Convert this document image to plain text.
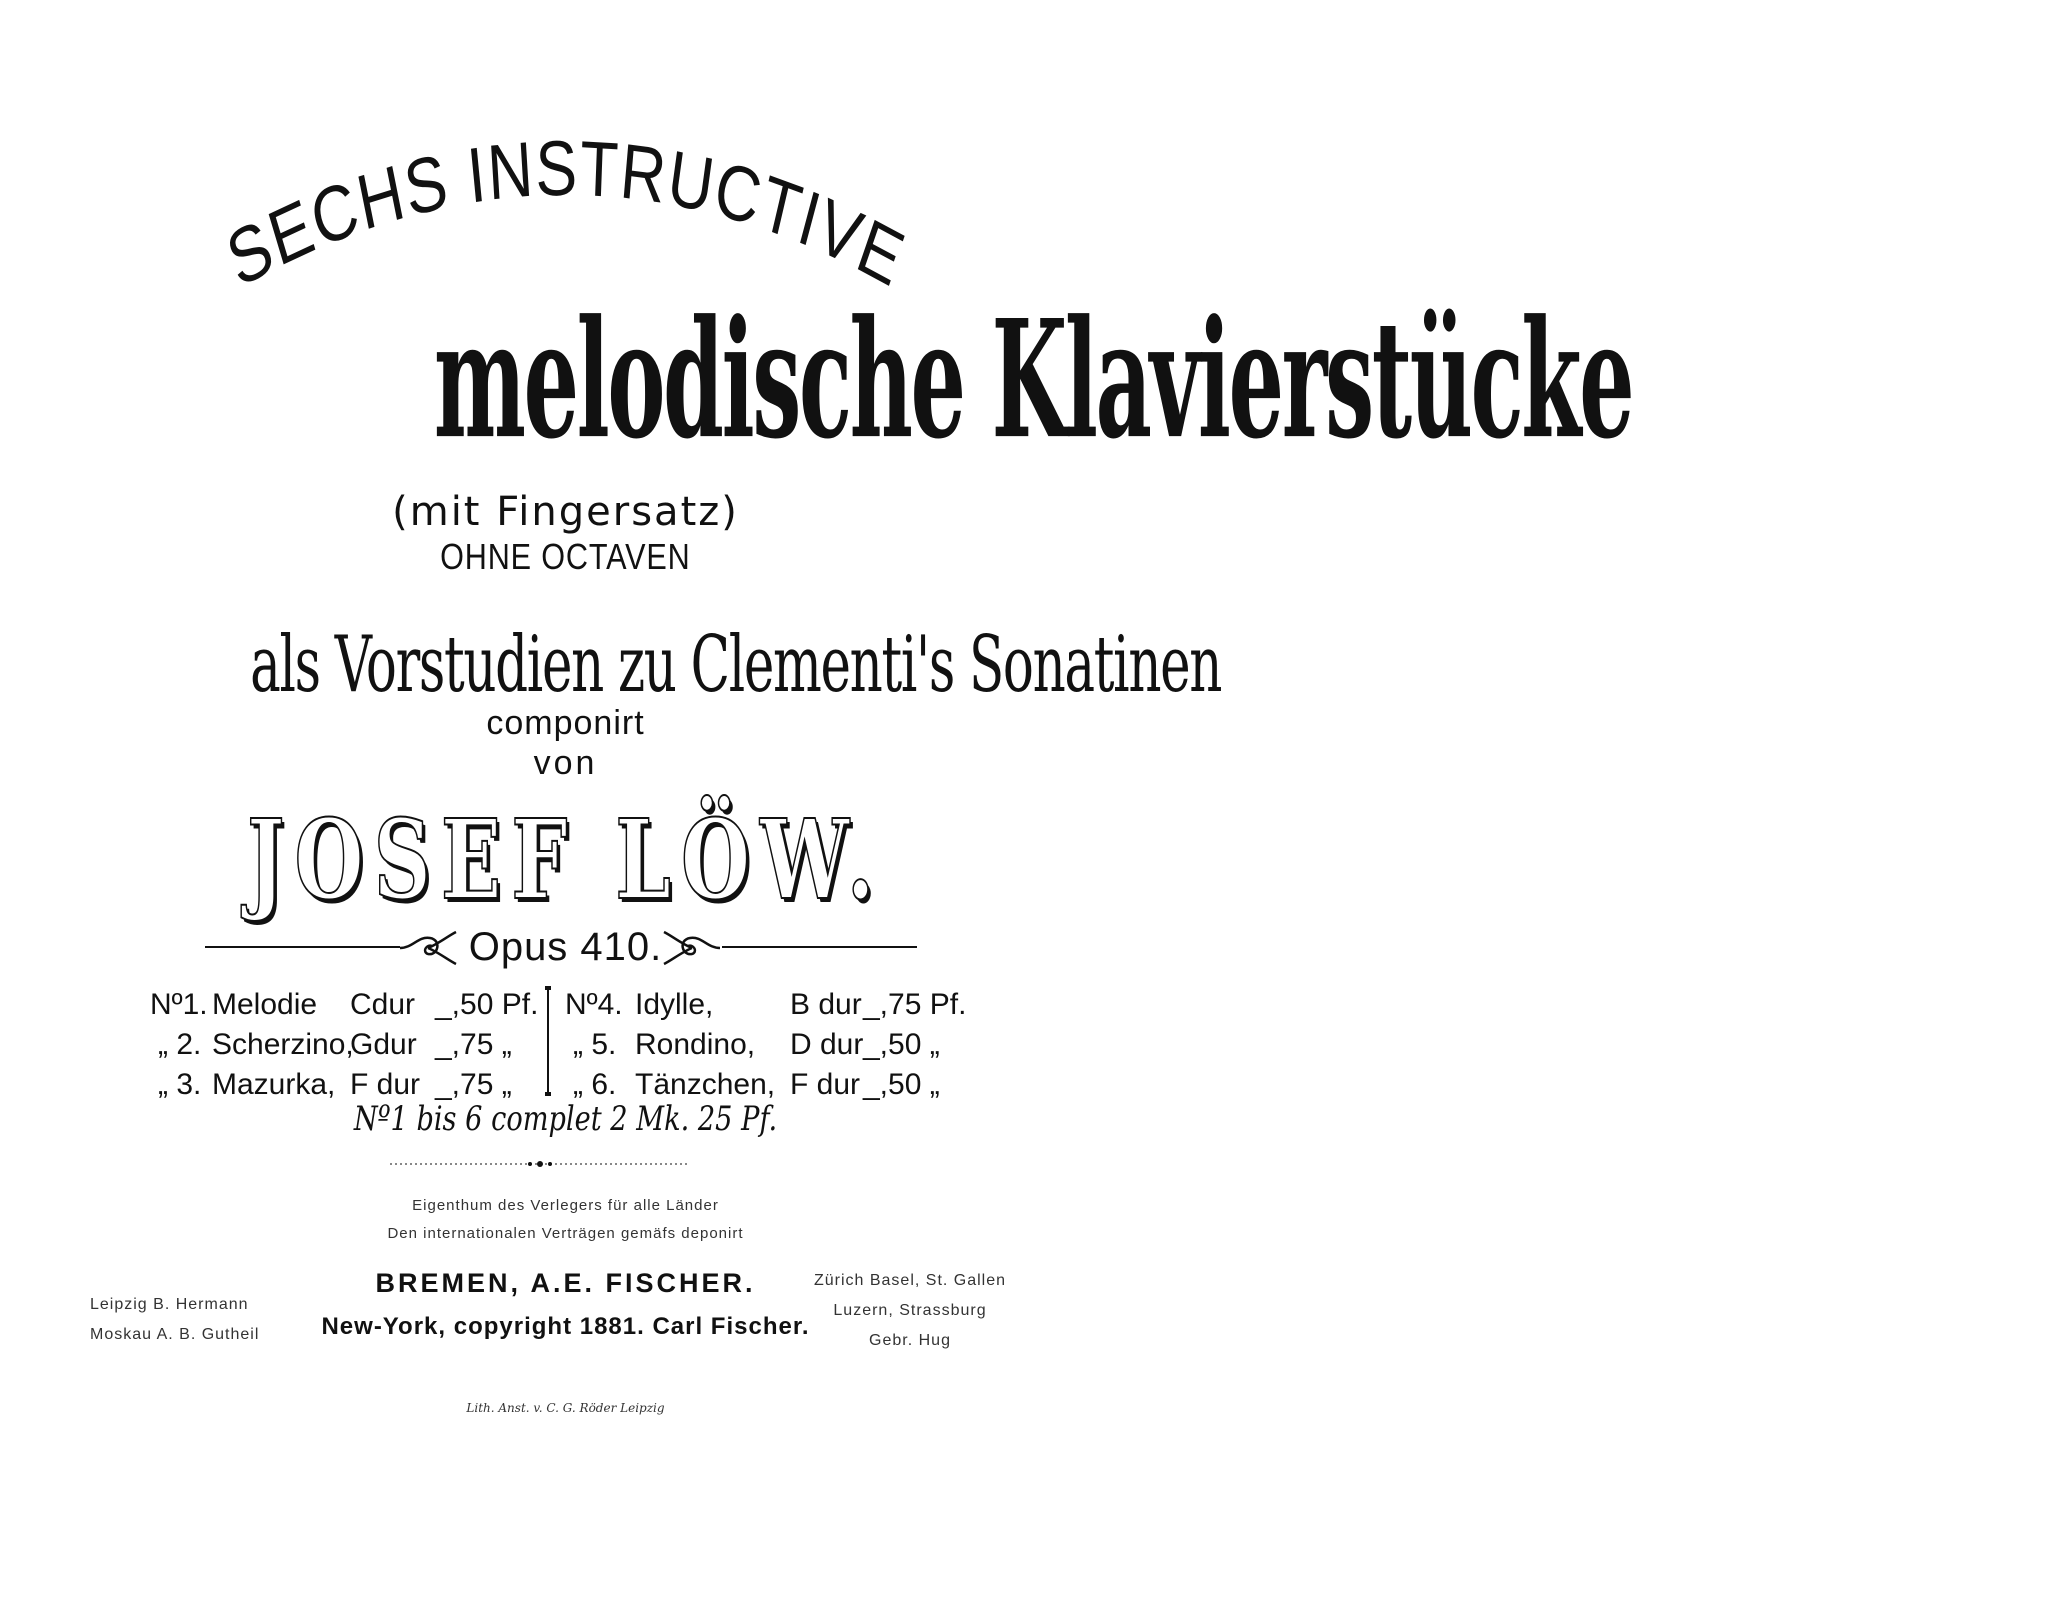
SECHS INSTRUCTIVE
melodische Klavierstücke
(mit Fingersatz)
OHNE OCTAVEN
als Vorstudien zu Clementi's Sonatinen
componirt
von
JOSEF LÖW.
Opus 410.
Nº1. Melodie Cdur _,50 Pf.
„ 2. Scherzino,
Gdur _,75 „
„ 3. Mazurka, F dur _,75 „
Nº4. Idylle,	B dur _,75 Pf.
„ 5. Rondino, D dur _,50 „
„ 6. Tänzchen, F dur _,50 „
Nº1 bis 6 complet 2 Mk. 25 Pf.
Eigenthum des Verlegers für alle Länder
Den internationalen Verträgen gemäfs deponirt
BREMEN, A.E. FISCHER.
New-York, copyright 1881. Carl Fischer.
Leipzig B. Hermann
Moskau A. B. Gutheil
Zürich Basel, St. Gallen
Luzern, Strassburg
Gebr. Hug
Lith. Anst. v. C. G. Röder Leipzig
